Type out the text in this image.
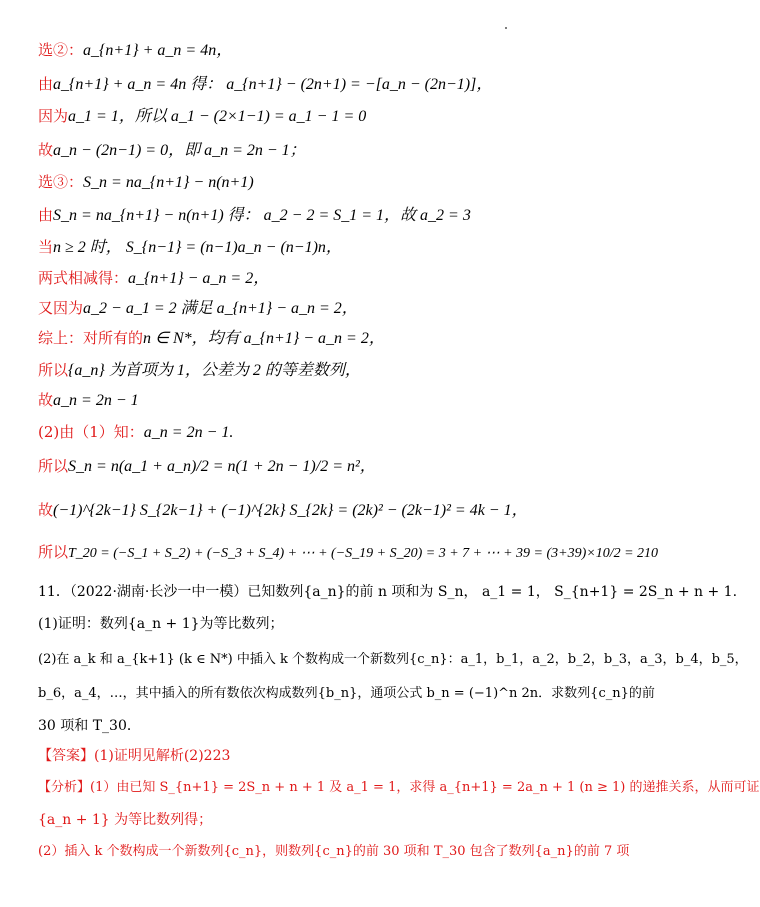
选②：a_{n+1} + a_n = 4n，
由a_{n+1} + a_n = 4n 得： a_{n+1} − (2n+1) = −[a_n − (2n−1)]，
因为a_1 = 1，所以 a_1 − (2×1−1) = a_1 − 1 = 0
故a_n − (2n−1) = 0，即 a_n = 2n − 1；
选③：S_n = na_{n+1} − n(n+1)
由S_n = na_{n+1} − n(n+1) 得： a_2 − 2 = S_1 = 1，故 a_2 = 3
当n ≥ 2 时， S_{n−1} = (n−1)a_n − (n−1)n，
两式相减得：a_{n+1} − a_n = 2，
又因为a_2 − a_1 = 2 满足 a_{n+1} − a_n = 2，
综上：对所有的n ∈ N*，均有 a_{n+1} − a_n = 2，
所以{a_n} 为首项为 1，公差为 2 的等差数列，
故a_n = 2n − 1
(2)由（1）知：a_n = 2n − 1.
所以S_n = n(a_1 + a_n)/2 = n(1 + 2n − 1)/2 = n²，
故(−1)^{2k−1} S_{2k−1} + (−1)^{2k} S_{2k} = (2k)² − (2k−1)² = 4k − 1，
所以T_20 = (−S_1 + S_2) + (−S_3 + S_4) + ⋯ + (−S_19 + S_20) = 3 + 7 + ⋯ + 39 = (3+39)×10/2 = 210
11．（2022·湖南·长沙一中一模）已知数列{a_n}的前 n 项和为 S_n， a_1 = 1， S_{n+1} = 2S_n + n + 1.
(1)证明：数列{a_n + 1}为等比数列；
(2)在 a_k 和 a_{k+1} (k ∈ N*) 中插入 k 个数构成一个新数列{c_n}：a_1，b_1，a_2，b_2，b_3，a_3，b_4，b_5，
b_6，a_4，…，其中插入的所有数依次构成数列{b_n}，通项公式 b_n = (−1)^n 2n．求数列{c_n}的前
30 项和 T_30．
【答案】(1)证明见解析(2)223
【分析】(1）由已知 S_{n+1} = 2S_n + n + 1 及 a_1 = 1，求得 a_{n+1} = 2a_n + 1 (n ≥ 1) 的递推关系，从而可证
{a_n + 1} 为等比数列得；
(2）插入 k 个数构成一个新数列{c_n}，则数列{c_n}的前 30 项和 T_30 包含了数列{a_n}的前 7 项
